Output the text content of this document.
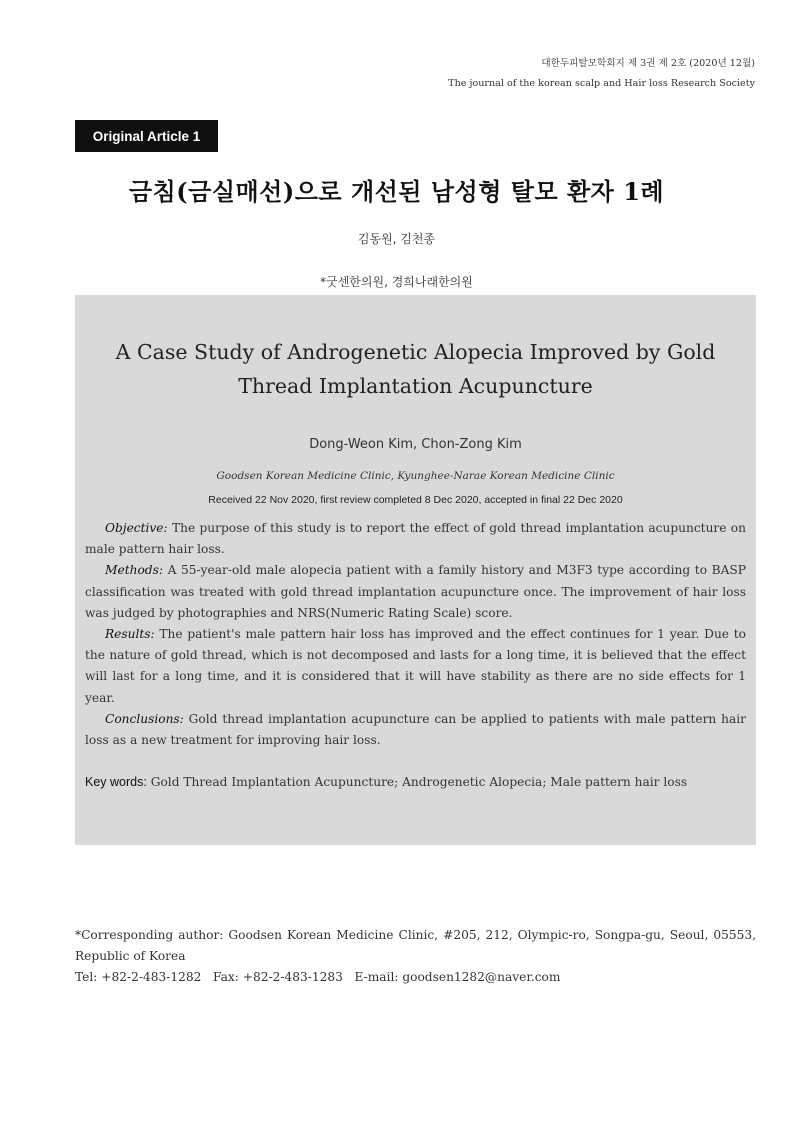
대한두피탈모학회지 제 3권 제 2호 (2020년 12월)
The journal of the korean scalp and Hair loss Research Society
Original Article 1
금침(금실매선)으로 개선된 남성형 탈모 환자 1례
김동원, 김천종
*굿센한의원, 경희나래한의원
A Case Study of Androgenetic Alopecia Improved by Gold
Thread Implantation Acupuncture
Dong-Weon Kim, Chon-Zong Kim
Goodsen Korean Medicine Clinic, Kyunghee-Narae Korean Medicine Clinic
Received 22 Nov 2020, first review completed 8 Dec 2020, accepted in final 22 Dec 2020

Objective: The purpose of this study is to report the effect of gold thread implantation acupuncture on male pattern hair loss.

Methods: A 55-year-old male alopecia patient with a family history and M3F3 type according to BASP classification was treated with gold thread implantation acupuncture once. The improvement of hair loss was judged by photographies and NRS(Numeric Rating Scale) score.

Results: The patient's male pattern hair loss has improved and the effect continues for 1 year. Due to the nature of gold thread, which is not decomposed and lasts for a long time, it is believed that the effect will last for a long time, and it is considered that it will have stability as there are no side effects for 1 year.

Conclusions: Gold thread implantation acupuncture can be applied to patients with male pattern hair loss as a new treatment for improving hair loss.

Key words: Gold Thread Implantation Acupuncture; Androgenetic Alopecia; Male pattern hair loss

*Corresponding author: Goodsen Korean Medicine Clinic, #205, 212, Olympic-ro, Songpa-gu, Seoul, 05553, Republic of Korea

Tel: +82-2-483-1282   Fax: +82-2-483-1283   E-mail: goodsen1282@naver.com
